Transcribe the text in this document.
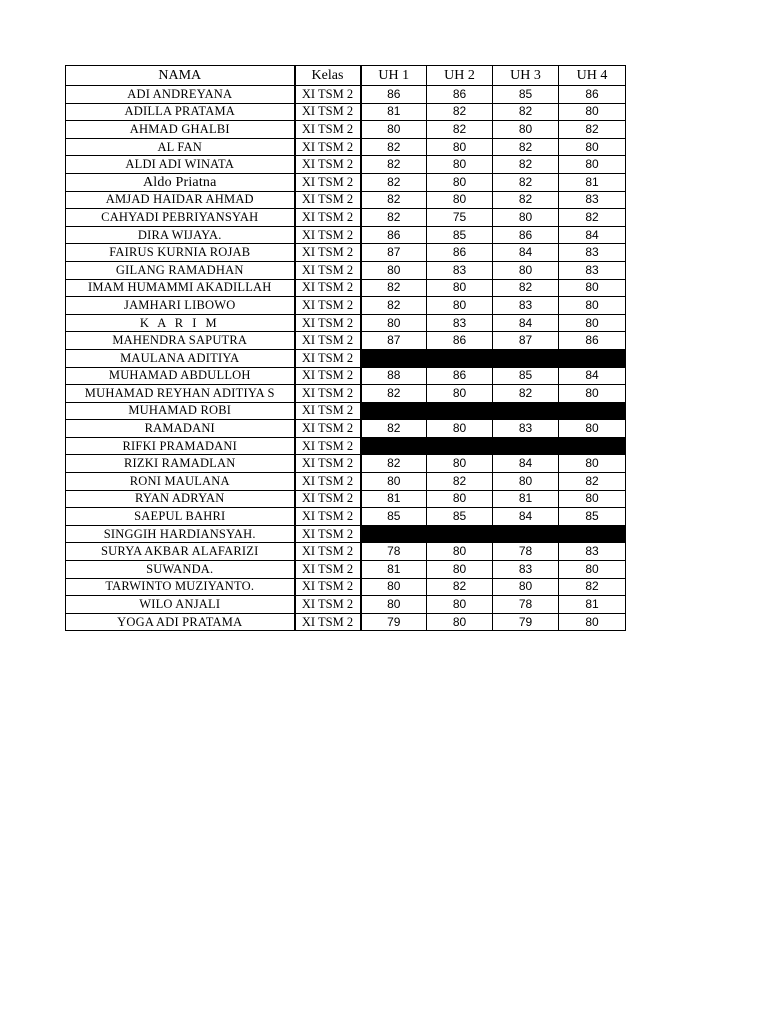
NAMA	Kelas	UH 1	UH 2	UH 3	UH 4
ADI ANDREYANA	XI TSM 2	86	86	85	86
ADILLA PRATAMA	XI TSM 2	81	82	82	80
AHMAD GHALBI	XI TSM 2	80	82	80	82
AL FAN	XI TSM 2	82	80	82	80
ALDI ADI WINATA	XI TSM 2	82	80	82	80
Aldo Priatna	XI TSM 2	82	80	82	81
AMJAD HAIDAR AHMAD	XI TSM 2	82	80	82	83
CAHYADI PEBRIYANSYAH	XI TSM 2	82	75	80	82
DIRA WIJAYA.	XI TSM 2	86	85	86	84
FAIRUS KURNIA ROJAB	XI TSM 2	87	86	84	83
GILANG RAMADHAN	XI TSM 2	80	83	80	83
IMAM HUMAMMI AKADILLAH	XI TSM 2	82	80	82	80
JAMHARI LIBOWO	XI TSM 2	82	80	83	80
K A R I M	XI TSM 2	80	83	84	80
MAHENDRA SAPUTRA	XI TSM 2	87	86	87	86
MAULANA ADITIYA	XI TSM 2				
MUHAMAD ABDULLOH	XI TSM 2	88	86	85	84
MUHAMAD REYHAN ADITIYA S	XI TSM 2	82	80	82	80
MUHAMAD ROBI	XI TSM 2				
RAMADANI	XI TSM 2	82	80	83	80
RIFKI PRAMADANI	XI TSM 2				
RIZKI RAMADLAN	XI TSM 2	82	80	84	80
RONI MAULANA	XI TSM 2	80	82	80	82
RYAN ADRYAN	XI TSM 2	81	80	81	80
SAEPUL BAHRI	XI TSM 2	85	85	84	85
SINGGIH HARDIANSYAH.	XI TSM 2				
SURYA AKBAR ALAFARIZI	XI TSM 2	78	80	78	83
SUWANDA.	XI TSM 2	81	80	83	80
TARWINTO MUZIYANTO.	XI TSM 2	80	82	80	82
WILO ANJALI	XI TSM 2	80	80	78	81
YOGA ADI PRATAMA	XI TSM 2	79	80	79	80
